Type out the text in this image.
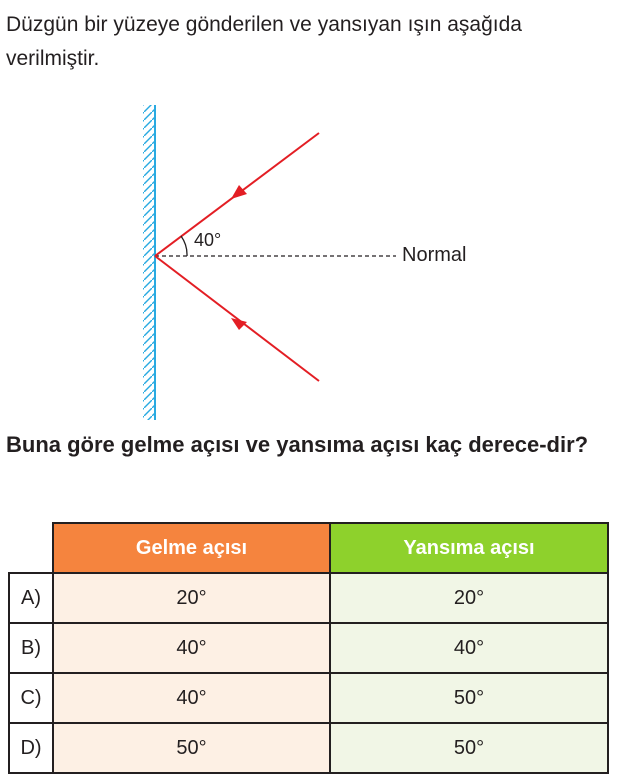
Düzgün bir yüzeye gönderilen ve yansıyan ışın aşağıda verilmiştir.

Normal
40°

Buna göre gelme açısı ve yansıma açısı kaç derece-dir?

	Gelme açısı	Yansıma açısı
A)	20°	20°
B)	40°	40°
C)	40°	50°
D)	50°	50°
